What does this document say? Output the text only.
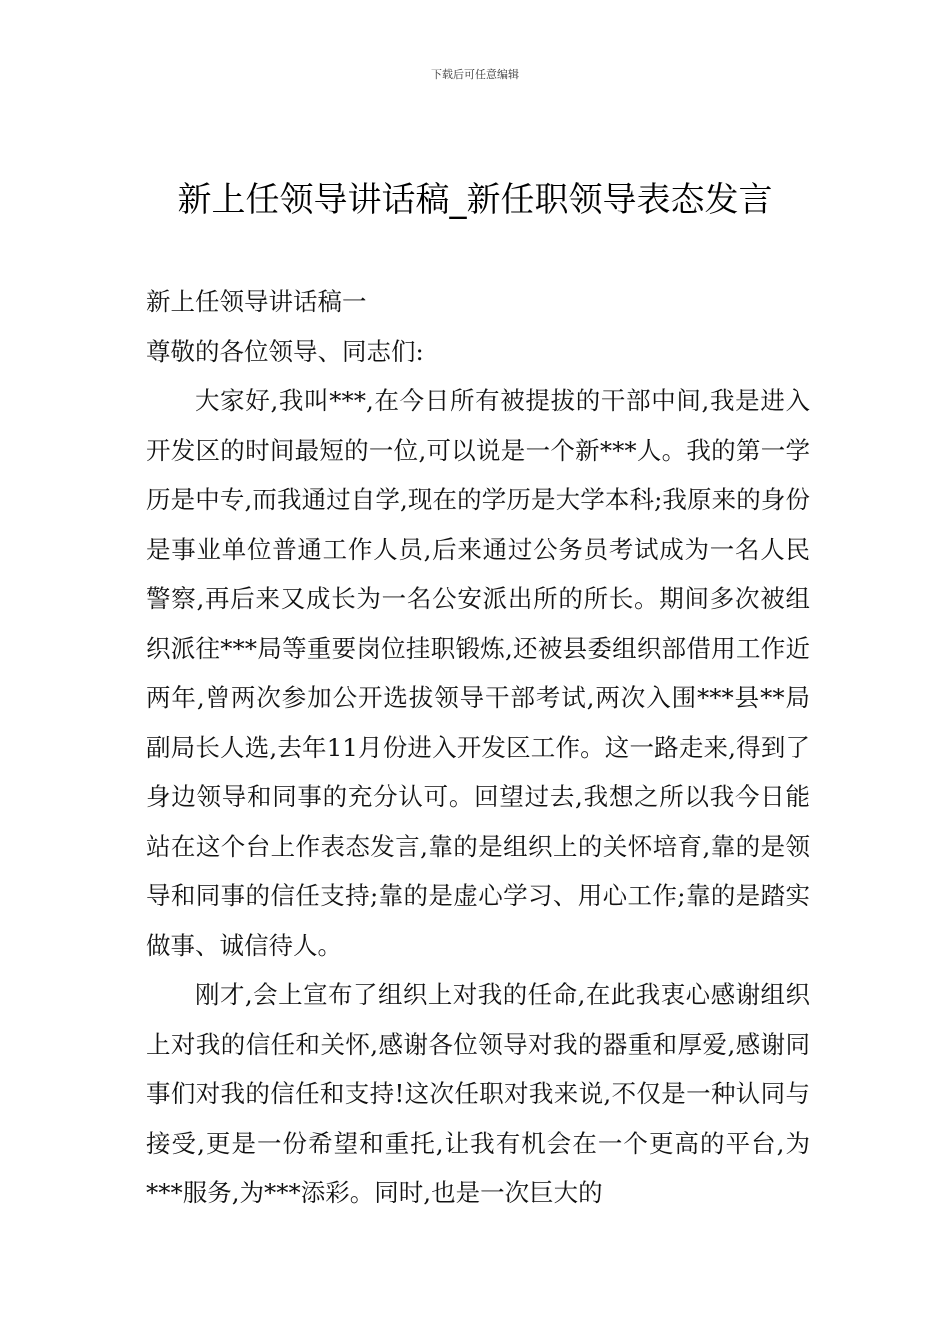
下载后可任意编辑
新上任领导讲话稿_新任职领导表态发言

新上任领导讲话稿一

尊敬的各位领导、同志们:

大家好,我叫***,在今日所有被提拔的干部中间,我是进入开发区的时间最短的一位,可以说是一个新***人。我的第一学历是中专,而我通过自学,现在的学历是大学本科;我原来的身份是事业单位普通工作人员,后来通过公务员考试成为一名人民警察,再后来又成长为一名公安派出所的所长。期间多次被组织派往***局等重要岗位挂职锻炼,还被县委组织部借用工作近两年,曾两次参加公开选拔领导干部考试,两次入围***县**局副局长人选,去年11月份进入开发区工作。这一路走来,得到了身边领导和同事的充分认可。回望过去,我想之所以我今日能站在这个台上作表态发言,靠的是组织上的关怀培育,靠的是领导和同事的信任支持;靠的是虚心学习、用心工作;靠的是踏实做事、诚信待人。

刚才,会上宣布了组织上对我的任命,在此我衷心感谢组织上对我的信任和关怀,感谢各位领导对我的器重和厚爱,感谢同事们对我的信任和支持!这次任职对我来说,不仅是一种认同与接受,更是一份希望和重托,让我有机会在一个更高的平台,为***服务,为***添彩。同时,也是一次巨大的
